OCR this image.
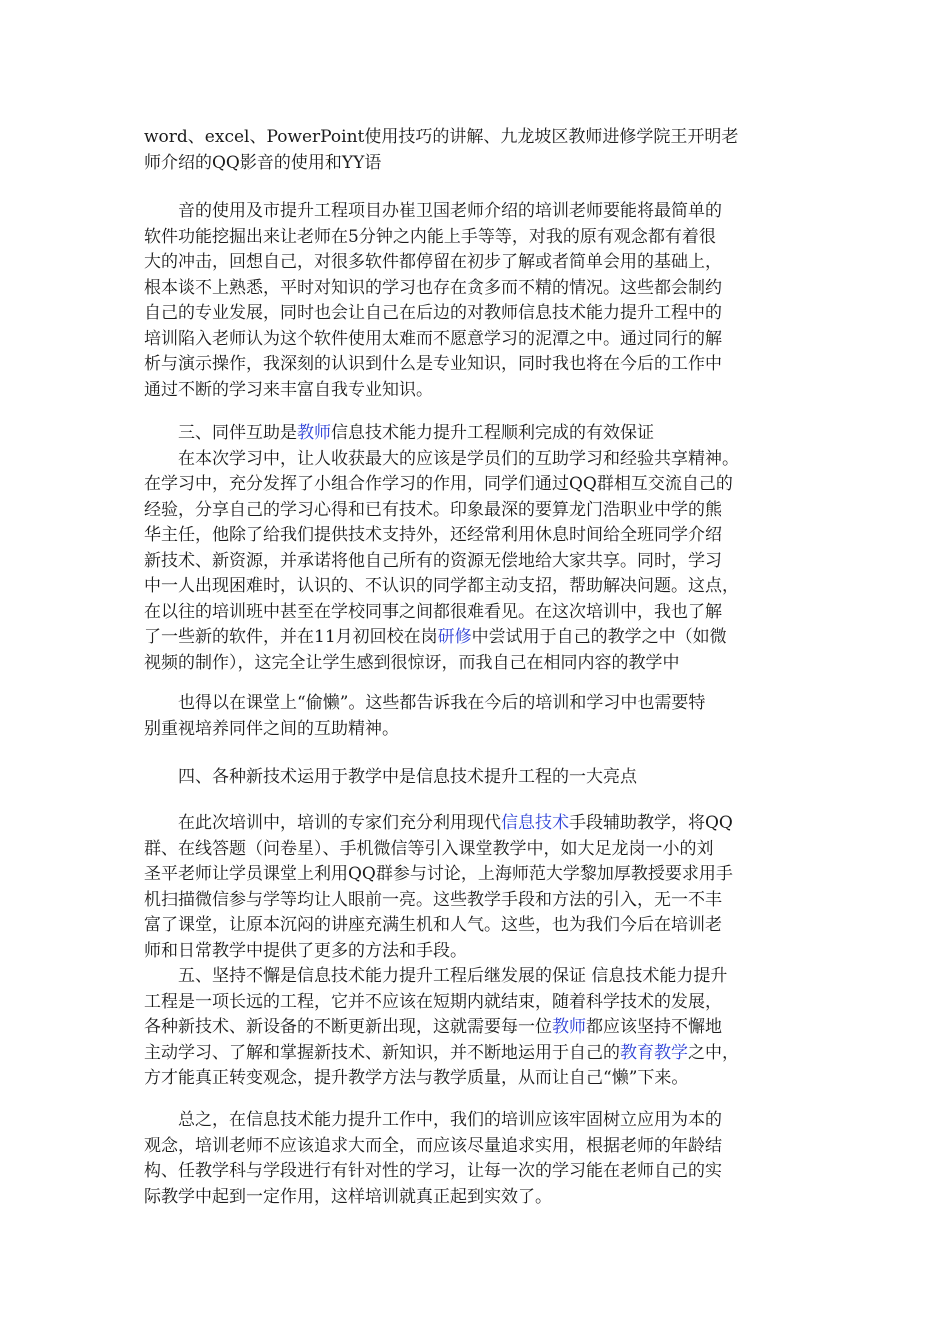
word、excel、PowerPoint使用技巧的讲解、九龙坡区教师进修学院王开明老
师介绍的QQ影音的使用和YY语
　　音的使用及市提升工程项目办崔卫国老师介绍的培训老师要能将最简单的
软件功能挖掘出来让老师在5分钟之内能上手等等，对我的原有观念都有着很
大的冲击，回想自己，对很多软件都停留在初步了解或者简单会用的基础上，
根本谈不上熟悉，平时对知识的学习也存在贪多而不精的情况。这些都会制约
自己的专业发展，同时也会让自己在后边的对教师信息技术能力提升工程中的
培训陷入老师认为这个软件使用太难而不愿意学习的泥潭之中。通过同行的解
析与演示操作，我深刻的认识到什么是专业知识，同时我也将在今后的工作中
通过不断的学习来丰富自我专业知识。
　　三、同伴互助是教师信息技术能力提升工程顺利完成的有效保证
　　在本次学习中，让人收获最大的应该是学员们的互助学习和经验共享精神。
在学习中，充分发挥了小组合作学习的作用，同学们通过QQ群相互交流自己的
经验，分享自己的学习心得和已有技术。印象最深的要算龙门浩职业中学的熊
华主任，他除了给我们提供技术支持外，还经常利用休息时间给全班同学介绍
新技术、新资源，并承诺将他自己所有的资源无偿地给大家共享。同时，学习
中一人出现困难时，认识的、不认识的同学都主动支招，帮助解决问题。这点，
在以往的培训班中甚至在学校同事之间都很难看见。在这次培训中，我也了解
了一些新的软件，并在11月初回校在岗研修中尝试用于自己的教学之中（如微
视频的制作），这完全让学生感到很惊讶，而我自己在相同内容的教学中
　　也得以在课堂上“偷懒”。这些都告诉我在今后的培训和学习中也需要特
别重视培养同伴之间的互助精神。
　　四、各种新技术运用于教学中是信息技术提升工程的一大亮点
　　在此次培训中，培训的专家们充分利用现代信息技术手段辅助教学，将QQ
群、在线答题（问卷星）、手机微信等引入课堂教学中，如大足龙岗一小的刘
圣平老师让学员课堂上利用QQ群参与讨论，上海师范大学黎加厚教授要求用手
机扫描微信参与学等均让人眼前一亮。这些教学手段和方法的引入，无一不丰
富了课堂，让原本沉闷的讲座充满生机和人气。这些，也为我们今后在培训老
师和日常教学中提供了更多的方法和手段。
　　五、坚持不懈是信息技术能力提升工程后继发展的保证 信息技术能力提升
工程是一项长远的工程，它并不应该在短期内就结束，随着科学技术的发展，
各种新技术、新设备的不断更新出现，这就需要每一位教师都应该坚持不懈地
主动学习、了解和掌握新技术、新知识，并不断地运用于自己的教育教学之中，
方才能真正转变观念，提升教学方法与教学质量，从而让自己“懒”下来。
　　总之，在信息技术能力提升工作中，我们的培训应该牢固树立应用为本的
观念，培训老师不应该追求大而全，而应该尽量追求实用，根据老师的年龄结
构、任教学科与学段进行有针对性的学习，让每一次的学习能在老师自己的实
际教学中起到一定作用，这样培训就真正起到实效了。
